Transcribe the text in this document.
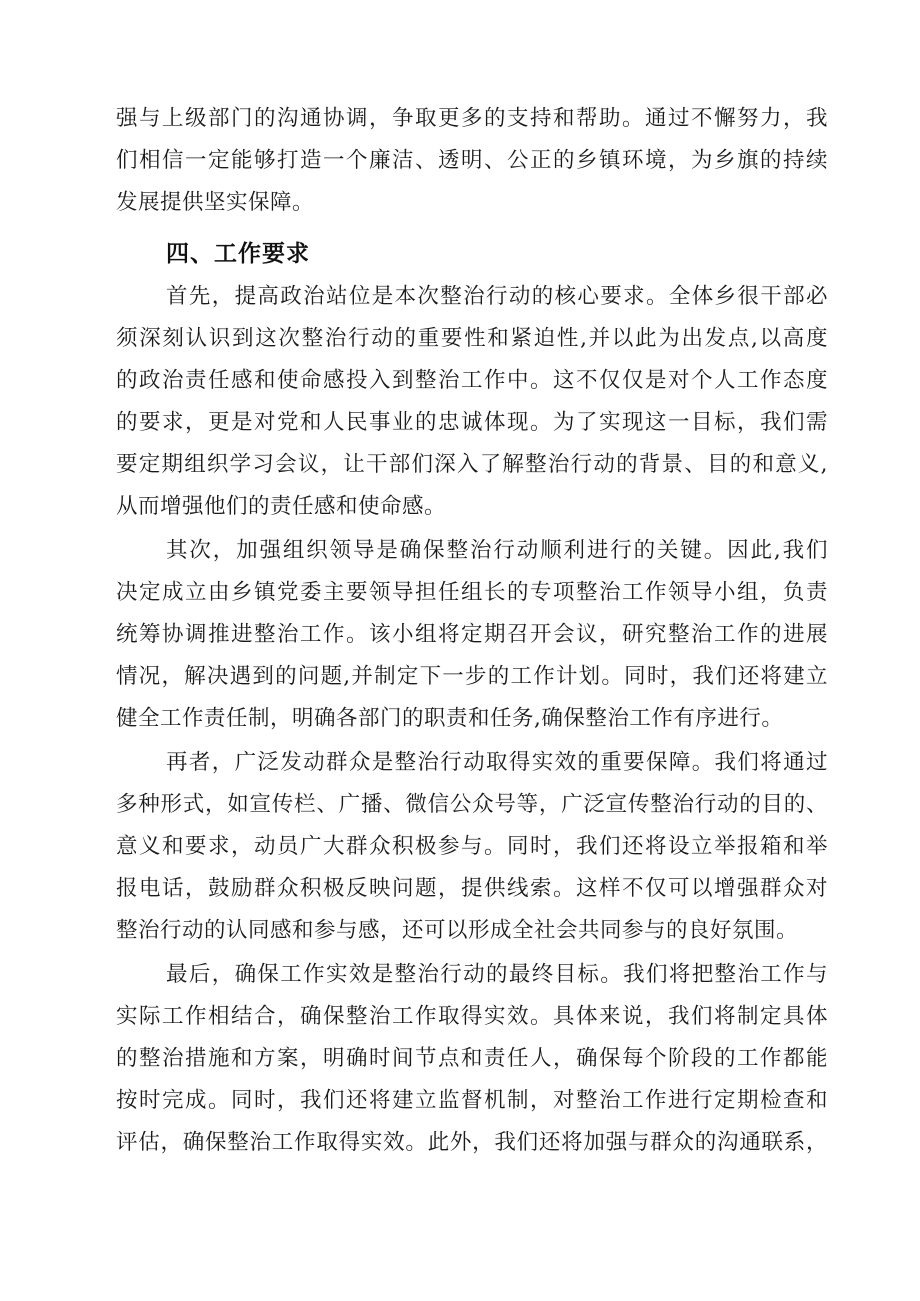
强与上级部门的沟通协调，争取更多的支持和帮助。通过不懈努力，我
们相信一定能够打造一个廉洁、透明、公正的乡镇环境，为乡旗的持续
发展提供坚实保障。
四、工作要求
首先，提高政治站位是本次整治行动的核心要求。全体乡很干部必
须深刻认识到这次整治行动的重要性和紧迫性,并以此为出发点,以高度
的政治责任感和使命感投入到整治工作中。这不仅仅是对个人工作态度
的要求，更是对党和人民事业的忠诚体现。为了实现这一目标，我们需
要定期组织学习会议，让干部们深入了解整治行动的背景、目的和意义,
从而增强他们的责任感和使命感。
其次，加强组织领导是确保整治行动顺利进行的关键。因此,我们
决定成立由乡镇党委主要领导担任组长的专项整治工作领导小组，负责
统筹协调推进整治工作。该小组将定期召开会议，研究整治工作的进展
情况，解决遇到的问题,并制定下一步的工作计划。同时，我们还将建立
健全工作责任制，明确各部门的职责和任务,确保整治工作有序进行。
再者，广泛发动群众是整治行动取得实效的重要保障。我们将通过
多种形式，如宣传栏、广播、微信公众号等，广泛宣传整治行动的目的、
意义和要求，动员广大群众积极参与。同时，我们还将设立举报箱和举
报电话，鼓励群众积极反映问题，提供线索。这样不仅可以增强群众对
整治行动的认同感和参与感，还可以形成全社会共同参与的良好氛围。
最后，确保工作实效是整治行动的最终目标。我们将把整治工作与
实际工作相结合，确保整治工作取得实效。具体来说，我们将制定具体
的整治措施和方案，明确时间节点和责任人，确保每个阶段的工作都能
按时完成。同时，我们还将建立监督机制，对整治工作进行定期检查和
评估，确保整治工作取得实效。此外，我们还将加强与群众的沟通联系，
